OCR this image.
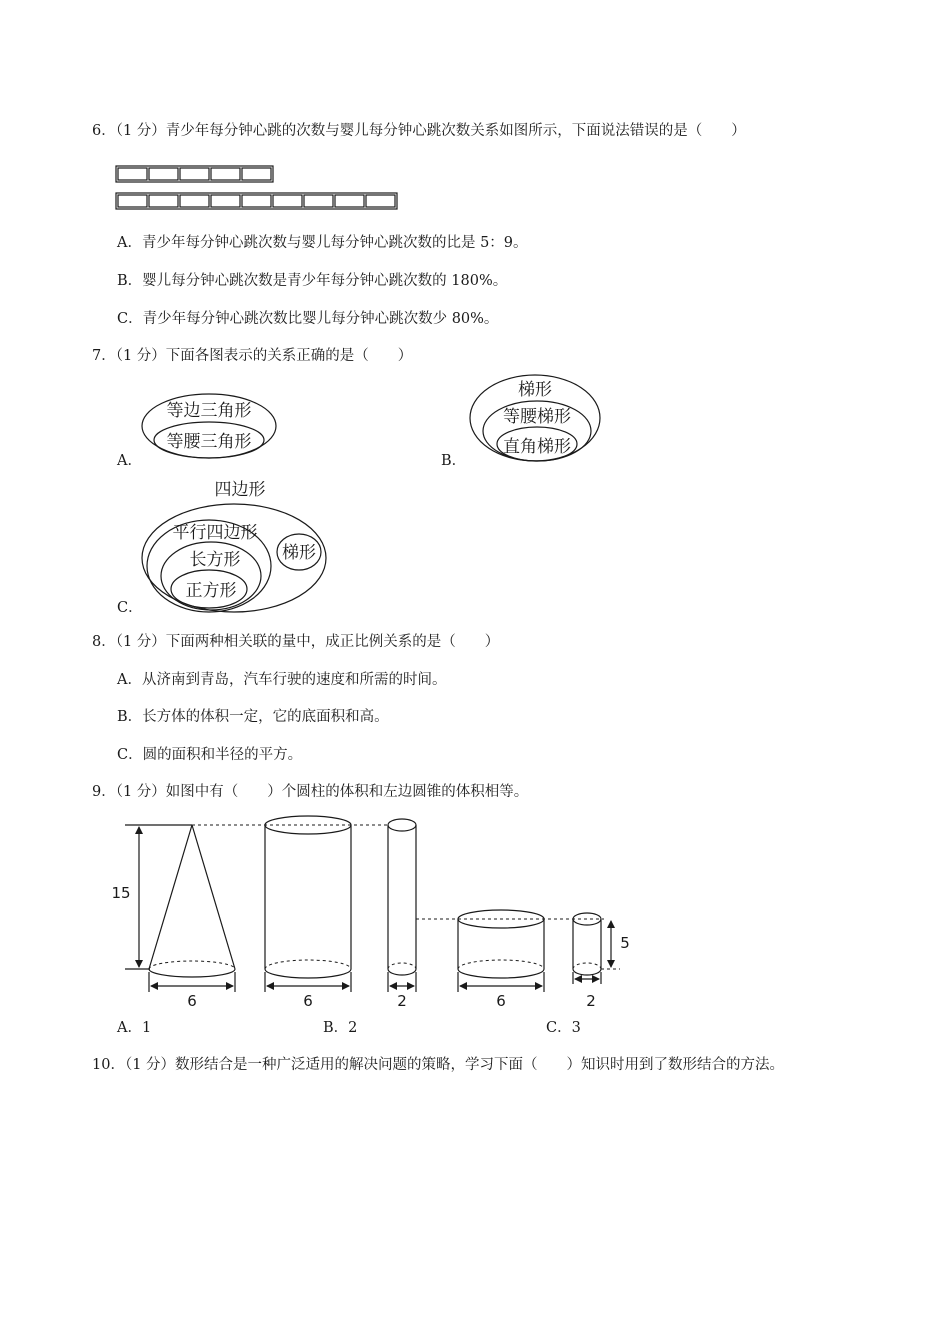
6．（1 分）青少年每分钟心跳的次数与婴儿每分钟心跳次数关系如图所示，下面说法错误的是（　　）
A．青少年每分钟心跳次数与婴儿每分钟心跳次数的比是 5：9。
B．婴儿每分钟心跳次数是青少年每分钟心跳次数的 180%。
C．青少年每分钟心跳次数比婴儿每分钟心跳次数少 80%。
7．（1 分）下面各图表示的关系正确的是（　　）
A．
等边三角形
等腰三角形
B．
梯形
等腰梯形
直角梯形
四边形
平行四边形
长方形
正方形
梯形
C．
8．（1 分）下面两种相关联的量中，成正比例关系的是（　　）
A．从济南到青岛，汽车行驶的速度和所需的时间。
B．长方体的体积一定，它的底面积和高。
C．圆的面积和半径的平方。
9．（1 分）如图中有（　　）个圆柱的体积和左边圆锥的体积相等。
15
5
6	6	2	6	2
A．1	B．2	C．3
10．（1 分）数形结合是一种广泛适用的解决问题的策略，学习下面（　　）知识时用到了数形结合的方法。
